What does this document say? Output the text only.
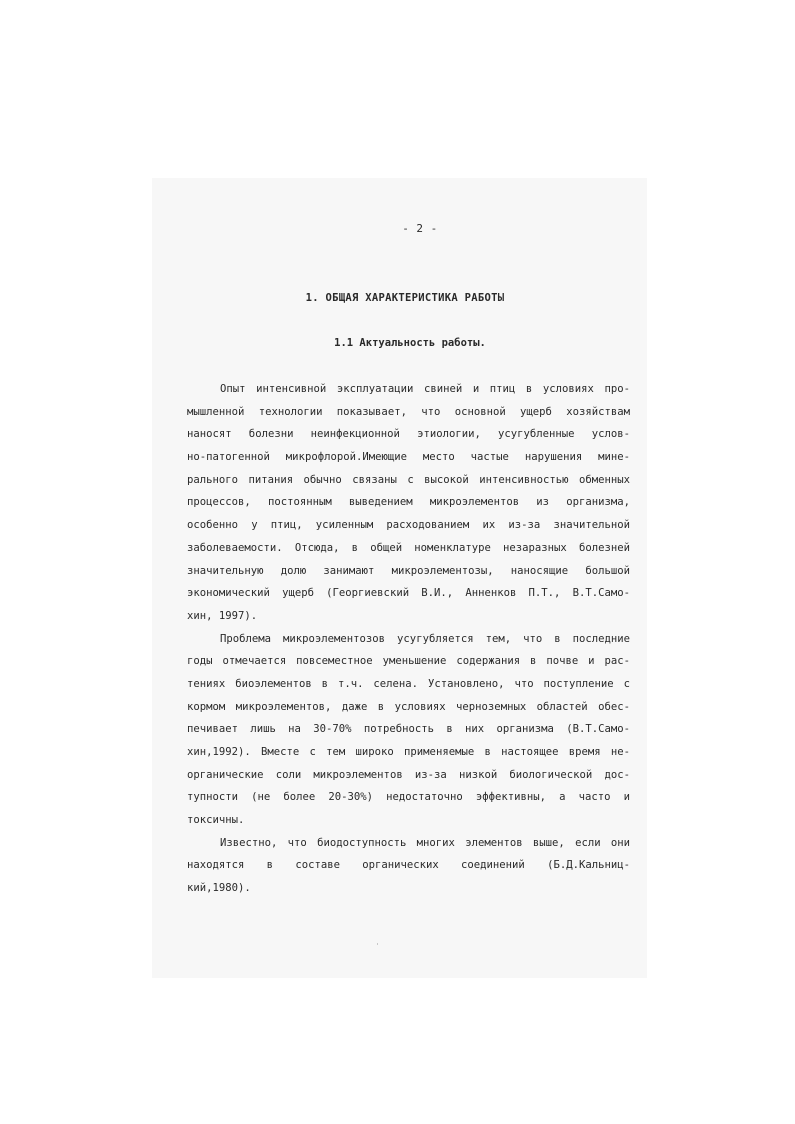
- 2 -
1. ОБЩАЯ ХАРАКТЕРИСТИКА РАБОТЫ
1.1 Актуальность работы.
Опыт интенсивной эксплуатации свиней и птиц в условиях про-
мышленной технологии показывает, что основной ущерб хозяйствам
наносят болезни неинфекционной этиологии, усугубленные услов-
но-патогенной микрофлорой.Имеющие место частые нарушения мине-
рального питания обычно связаны с высокой интенсивностью обменных
процессов, постоянным выведением микроэлементов из организма,
особенно у птиц, усиленным расходованием их из-за значительной
заболеваемости. Отсюда, в общей номенклатуре незаразных болезней
значительную долю занимают микроэлементозы, наносящие большой
экономический ущерб (Георгиевский В.И., Анненков П.Т., В.Т.Само-
хин, 1997).
Проблема микроэлементозов усугубляется тем, что в последние
годы отмечается повсеместное уменьшение содержания в почве и рас-
тениях биоэлементов в т.ч. селена. Установлено, что поступление с
кормом микроэлементов, даже в условиях черноземных областей обес-
печивает лишь на 30-70% потребность в них организма (В.Т.Само-
хин,1992). Вместе с тем широко применяемые в настоящее время не-
органические соли микроэлементов из-за низкой биологической дос-
тупности (не более 20-30%) недостаточно эффективны, а часто и
токсичны.
Известно, что биодоступность многих элементов выше, если они
находятся в составе органических соединений (Б.Д.Кальниц-
кий,1980).
